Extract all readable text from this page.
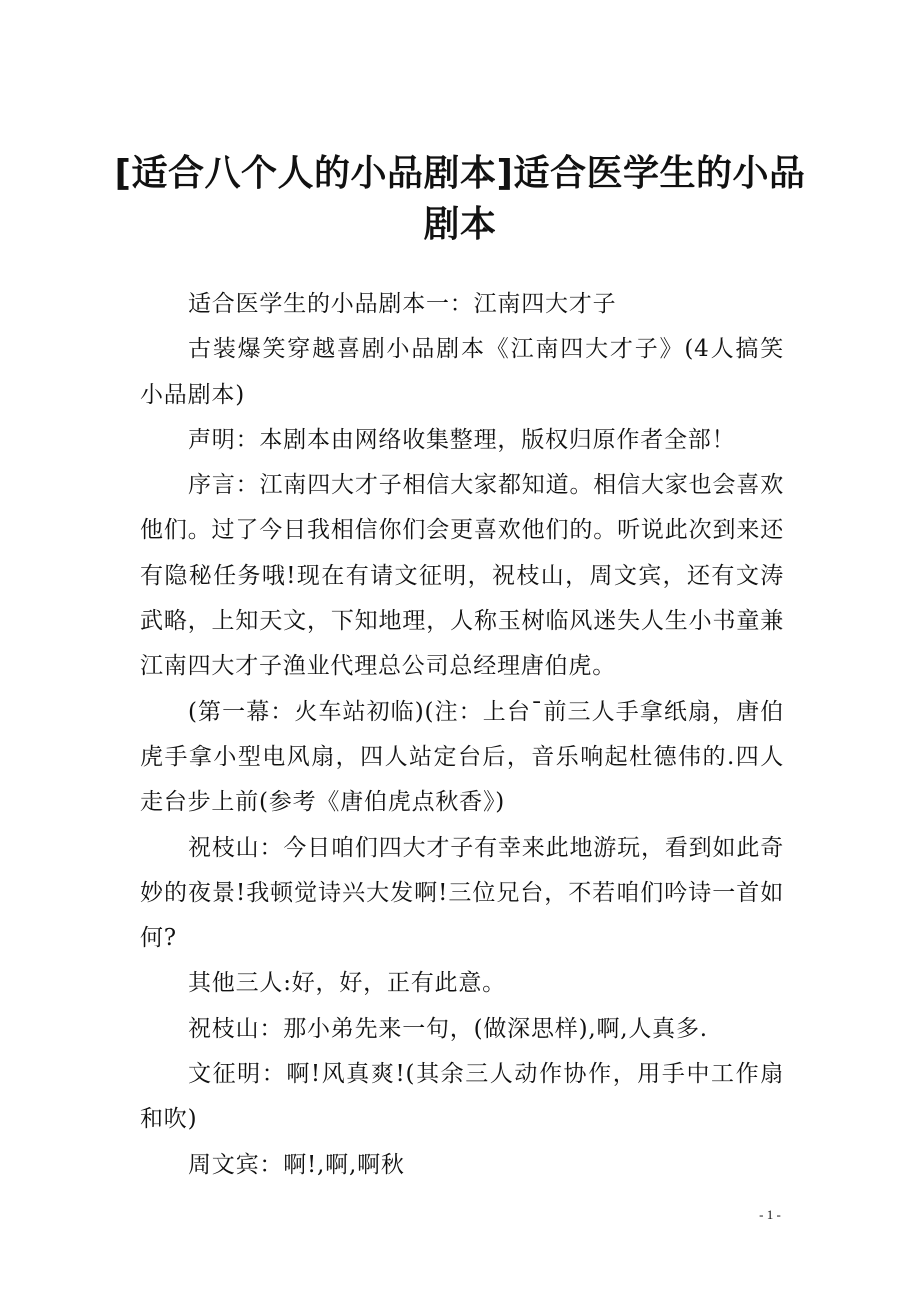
[适合八个人的小品剧本]适合医学生的小品剧本

适合医学生的小品剧本一：江南四大才子

古装爆笑穿越喜剧小品剧本《江南四大才子》(4人搞笑小品剧本)

声明：本剧本由网络收集整理，版权归原作者全部！

序言：江南四大才子相信大家都知道。相信大家也会喜欢他们。过了今日我相信你们会更喜欢他们的。听说此次到来还有隐秘任务哦!现在有请文征明，祝枝山，周文宾，还有文涛武略，上知天文，下知地理，人称玉树临风迷失人生小书童兼江南四大才子渔业代理总公司总经理唐伯虎。

(第一幕：火车站初临)(注：上台¯前三人手拿纸扇，唐伯虎手拿小型电风扇，四人站定台后，音乐响起杜德伟的.四人走台步上前(参考《唐伯虎点秋香》)

祝枝山：今日咱们四大才子有幸来此地游玩，看到如此奇妙的夜景!我顿觉诗兴大发啊!三位兄台，不若咱们吟诗一首如何?

其他三人:好，好，正有此意。

祝枝山：那小弟先来一句，(做深思样),啊,人真多.

文征明：啊!风真爽!(其余三人动作协作，用手中工作扇和吹)

周文宾：啊!,啊,啊秋

- 1 -
